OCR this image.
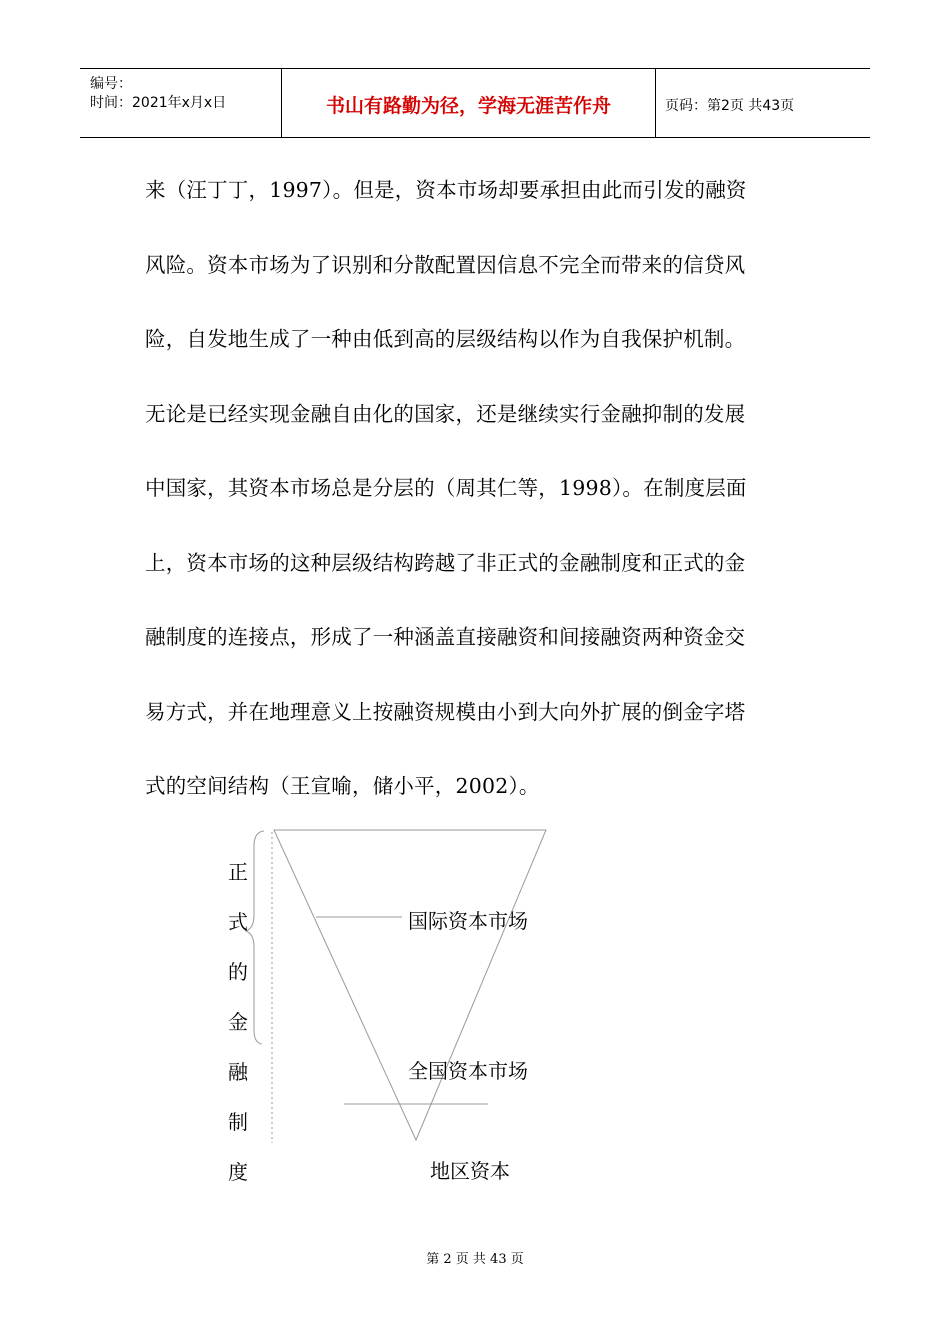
编号：
时间：2021年x月x日	书山有路勤为径，学海无涯苦作舟	页码：第2页 共43页
来（汪丁丁，1997）。但是，资本市场却要承担由此而引发的融资
风险。资本市场为了识别和分散配置因信息不完全而带来的信贷风
险，自发地生成了一种由低到高的层级结构以作为自我保护机制。
无论是已经实现金融自由化的国家，还是继续实行金融抑制的发展
中国家，其资本市场总是分层的（周其仁等，1998）。在制度层面
上，资本市场的这种层级结构跨越了非正式的金融制度和正式的金
融制度的连接点，形成了一种涵盖直接融资和间接融资两种资金交
易方式，并在地理意义上按融资规模由小到大向外扩展的倒金字塔
式的空间结构（王宣喻，储小平，2002）。
正
式
的
金
融
制
度
国际资本市场
全国资本市场
地区资本
第 2 页 共 43 页
